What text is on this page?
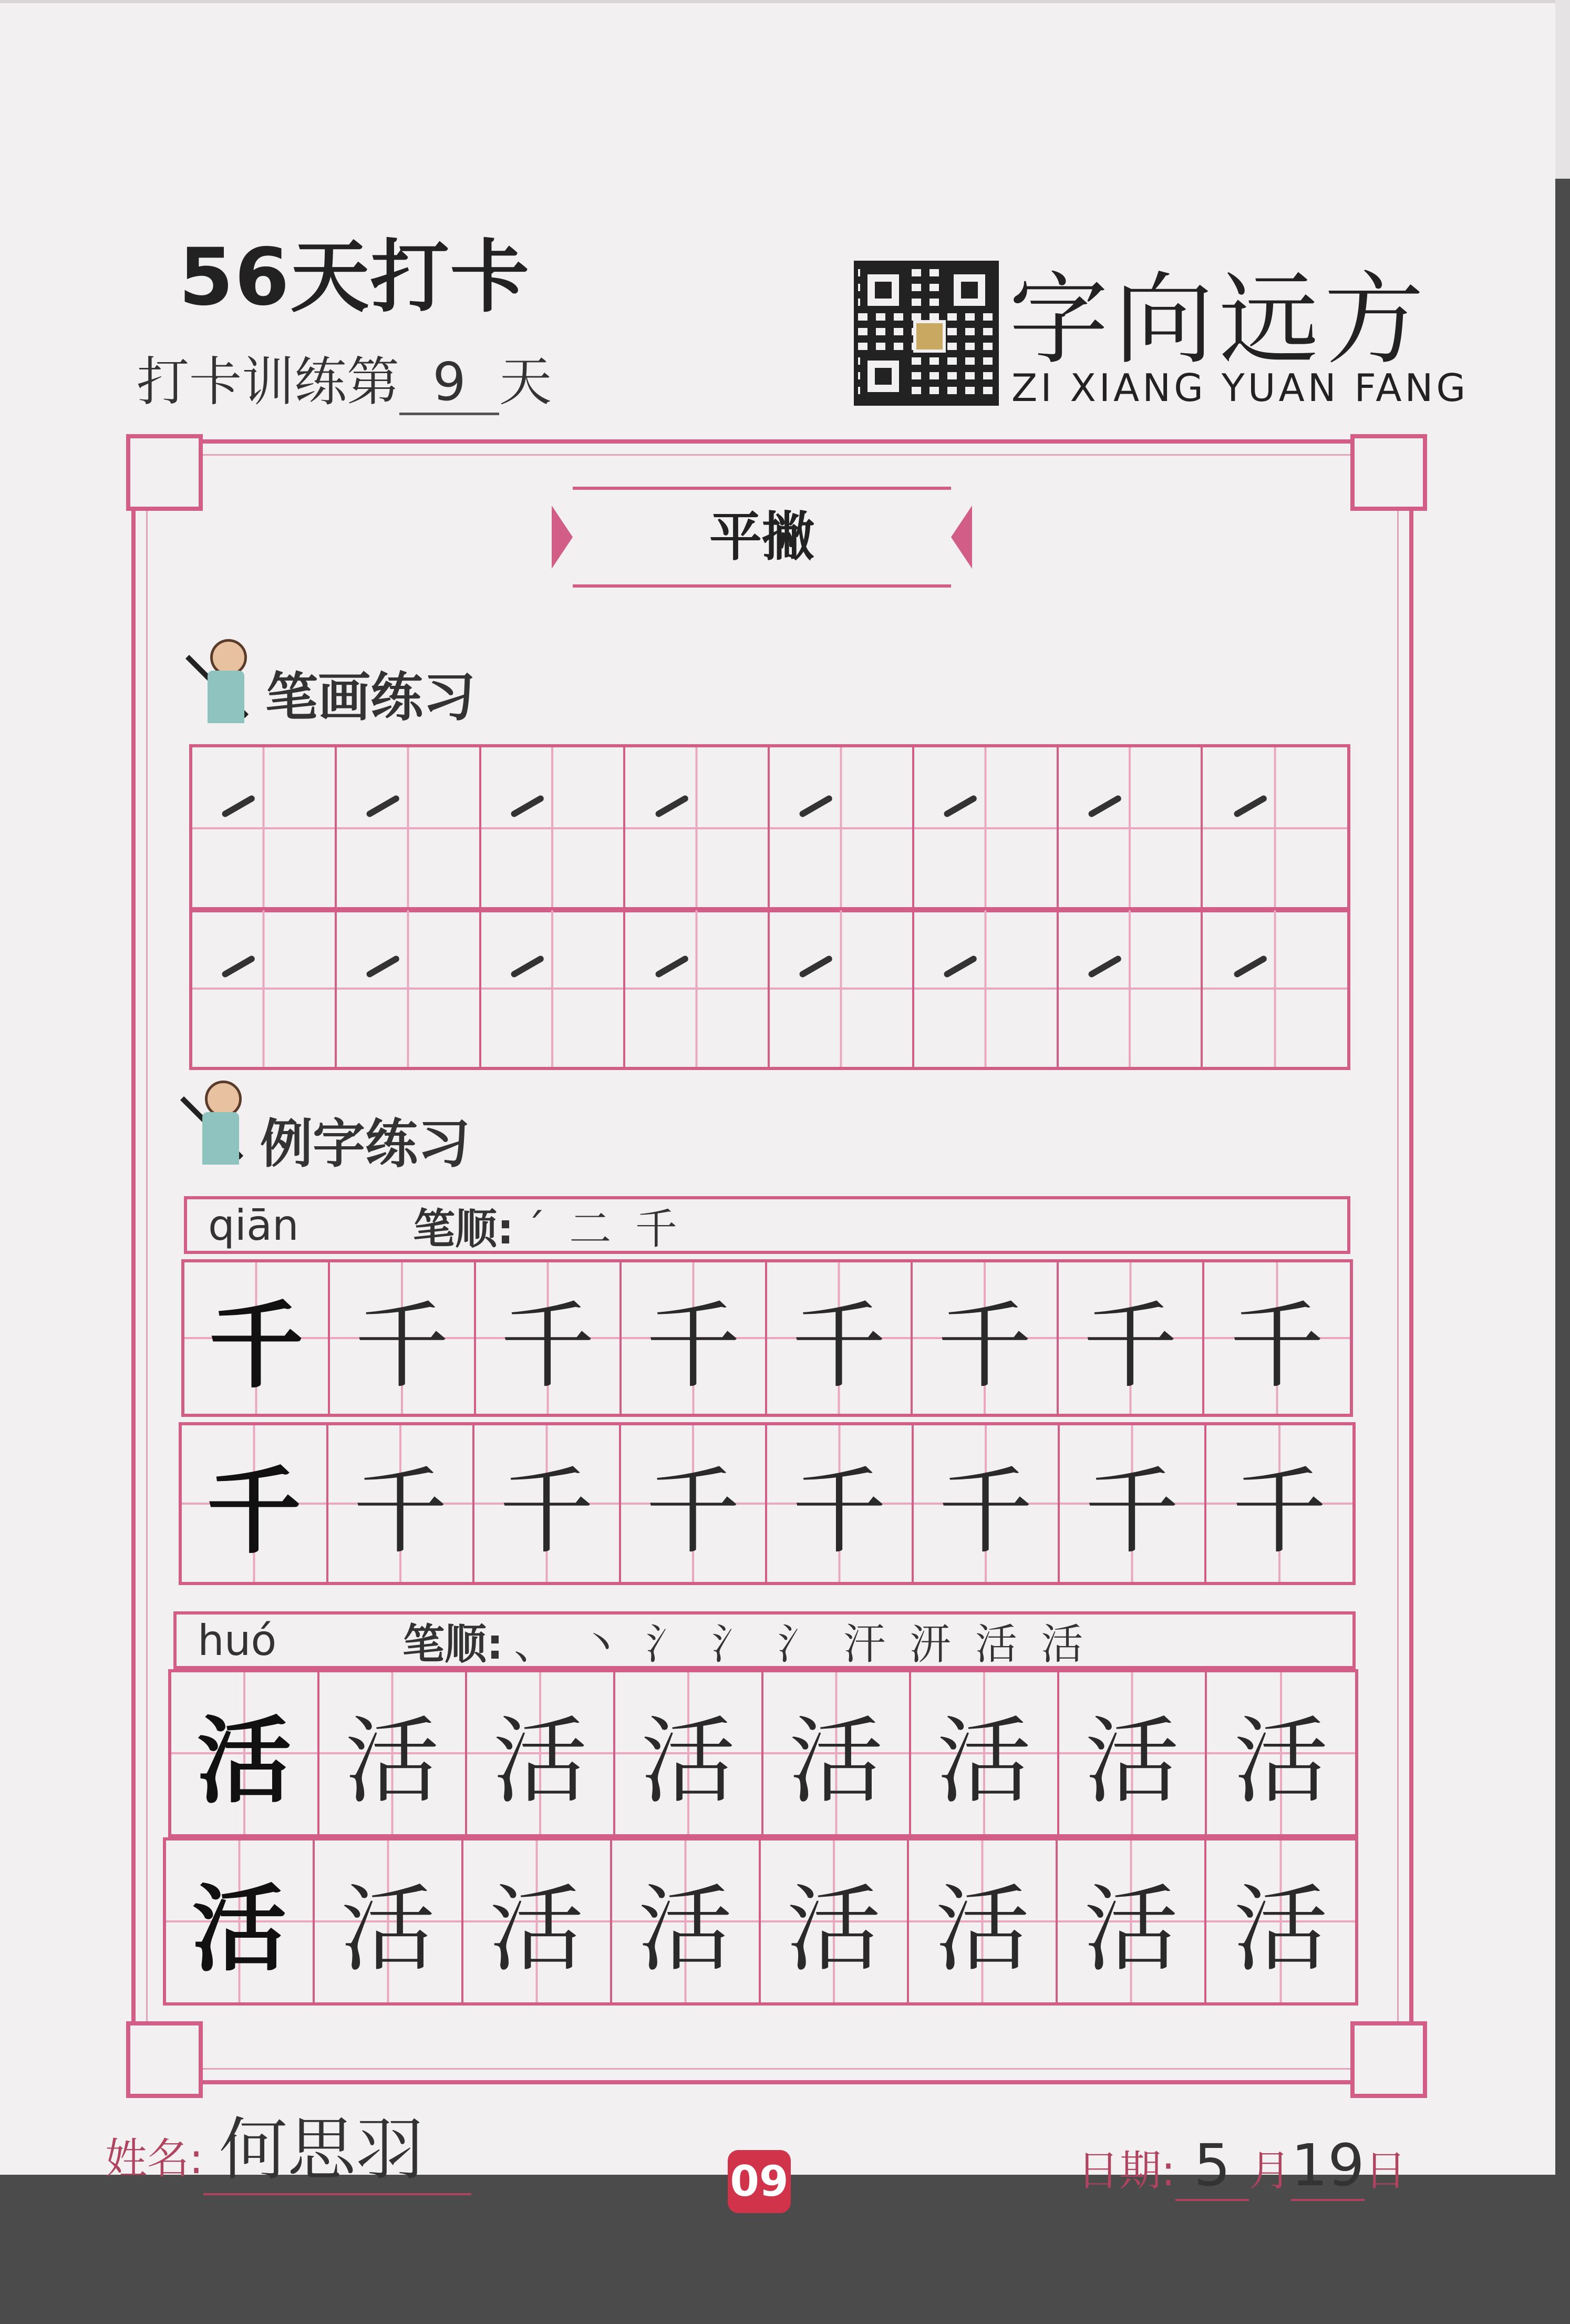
56天打卡
打卡训练第 9 天
字向远方
ZI XIANG YUAN FANG
平撇
笔画练习
例字练习
qiān	笔顺: ˊ 二 千
千 千 千 千 千 千 千 千
千 千 千 千 千 千 千 千
huó	笔顺: 、 丶 氵 氵 氵 汗 汧 活 活
活 活 活 活 活 活 活 活
活 活 活 活 活 活 活 活
姓名: 何思羽	09	日期: 5 月19日
